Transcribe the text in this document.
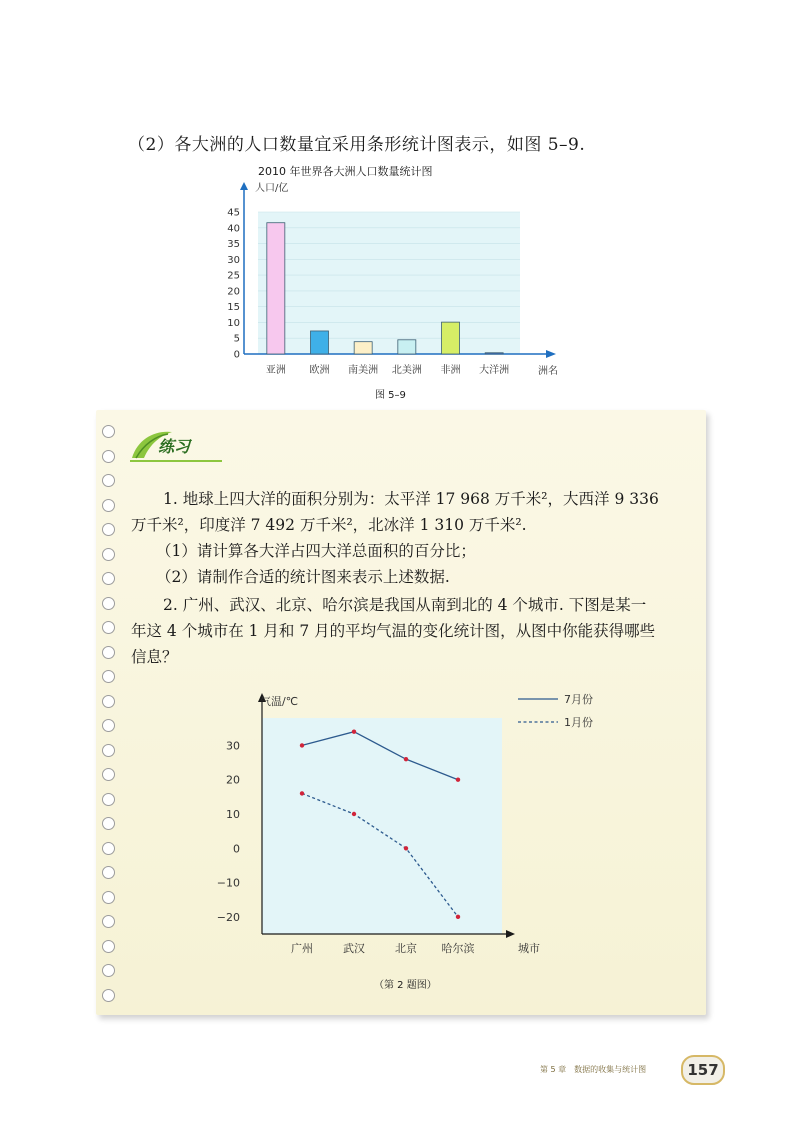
（2）各大洲的人口数量宜采用条形统计图表示，如图 5–9.
2010 年世界各大洲人口数量统计图
0
5
10
15
20
25
30
35
40
45
亚洲 欧洲 南美洲 北美洲 非洲 大洋洲
人口/亿
洲名
图 5–9
练习
1. 地球上四大洋的面积分别为：太平洋 17 968 万千米²，大西洋 9 336
万千米²，印度洋 7 492 万千米²，北冰洋 1 310 万千米².
（1）请计算各大洋占四大洋总面积的百分比；
（2）请制作合适的统计图来表示上述数据.
2. 广州、武汉、北京、哈尔滨是我国从南到北的 4 个城市. 下图是某一
年这 4 个城市在 1 月和 7 月的平均气温的变化统计图，从图中你能获得哪些
信息？
−20
−10
0
10
20
30
广州	武汉	北京 哈尔滨
7月份
1月份
气温/℃
城市
（第 2 题图）
第 5 章　数据的收集与统计图	157
